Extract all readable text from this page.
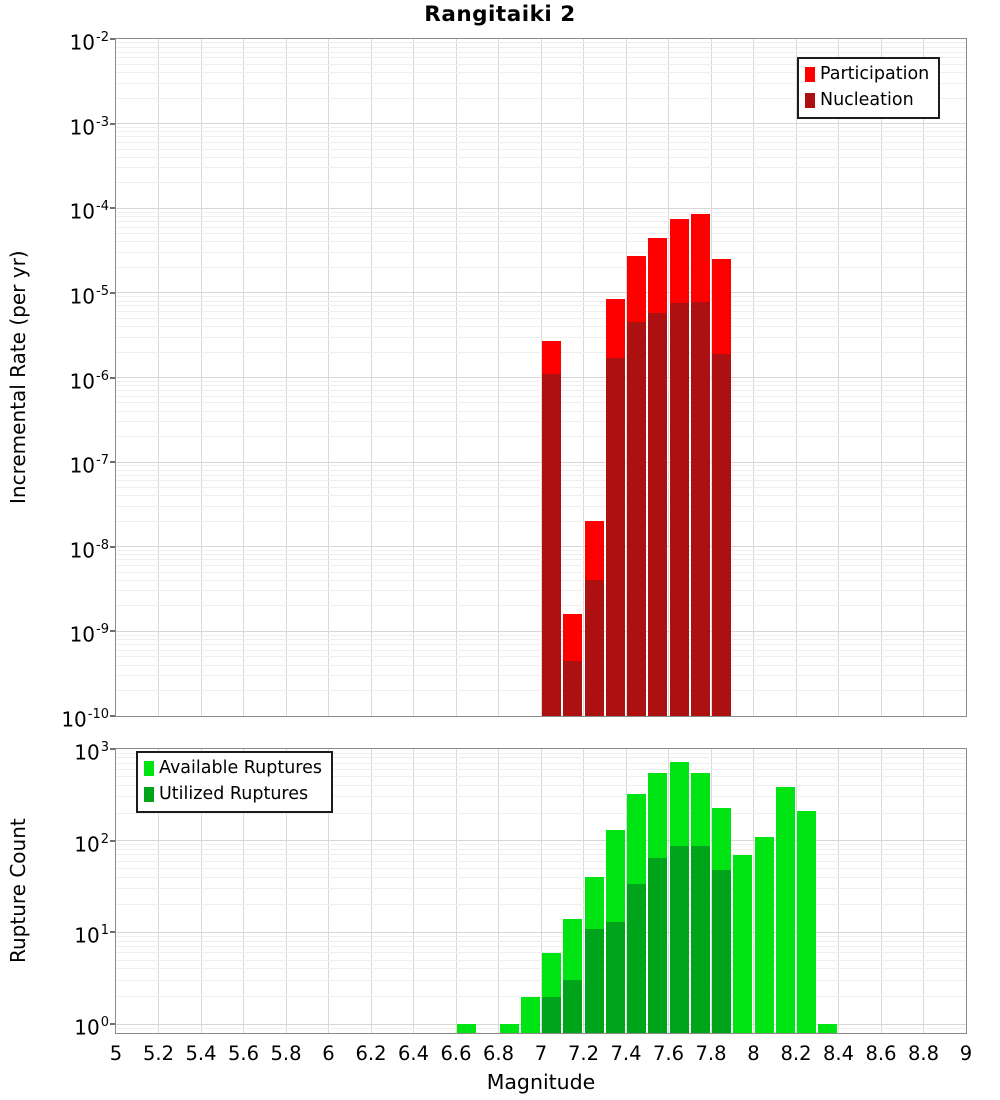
Rangitaiki 2
Incremental Rate (per yr)
Rupture Count
Magnitude
Participation
Nucleation
Available Ruptures
Utilized Ruptures
$10^{-2}$
$10^{-3}$
$10^{-4}$
$10^{-5}$
$10^{-6}$
$10^{-7}$
$10^{-8}$
$10^{-9}$
$10^{-10}$
$10^0$
$10^1$
$10^2$
$10^3$
5	5.2 5.4 5.6 5.8	6	6.2 6.4 6.6 6.8	7	7.2 7.4 7.6 7.8	8	8.2 8.4 8.6 8.8	9
